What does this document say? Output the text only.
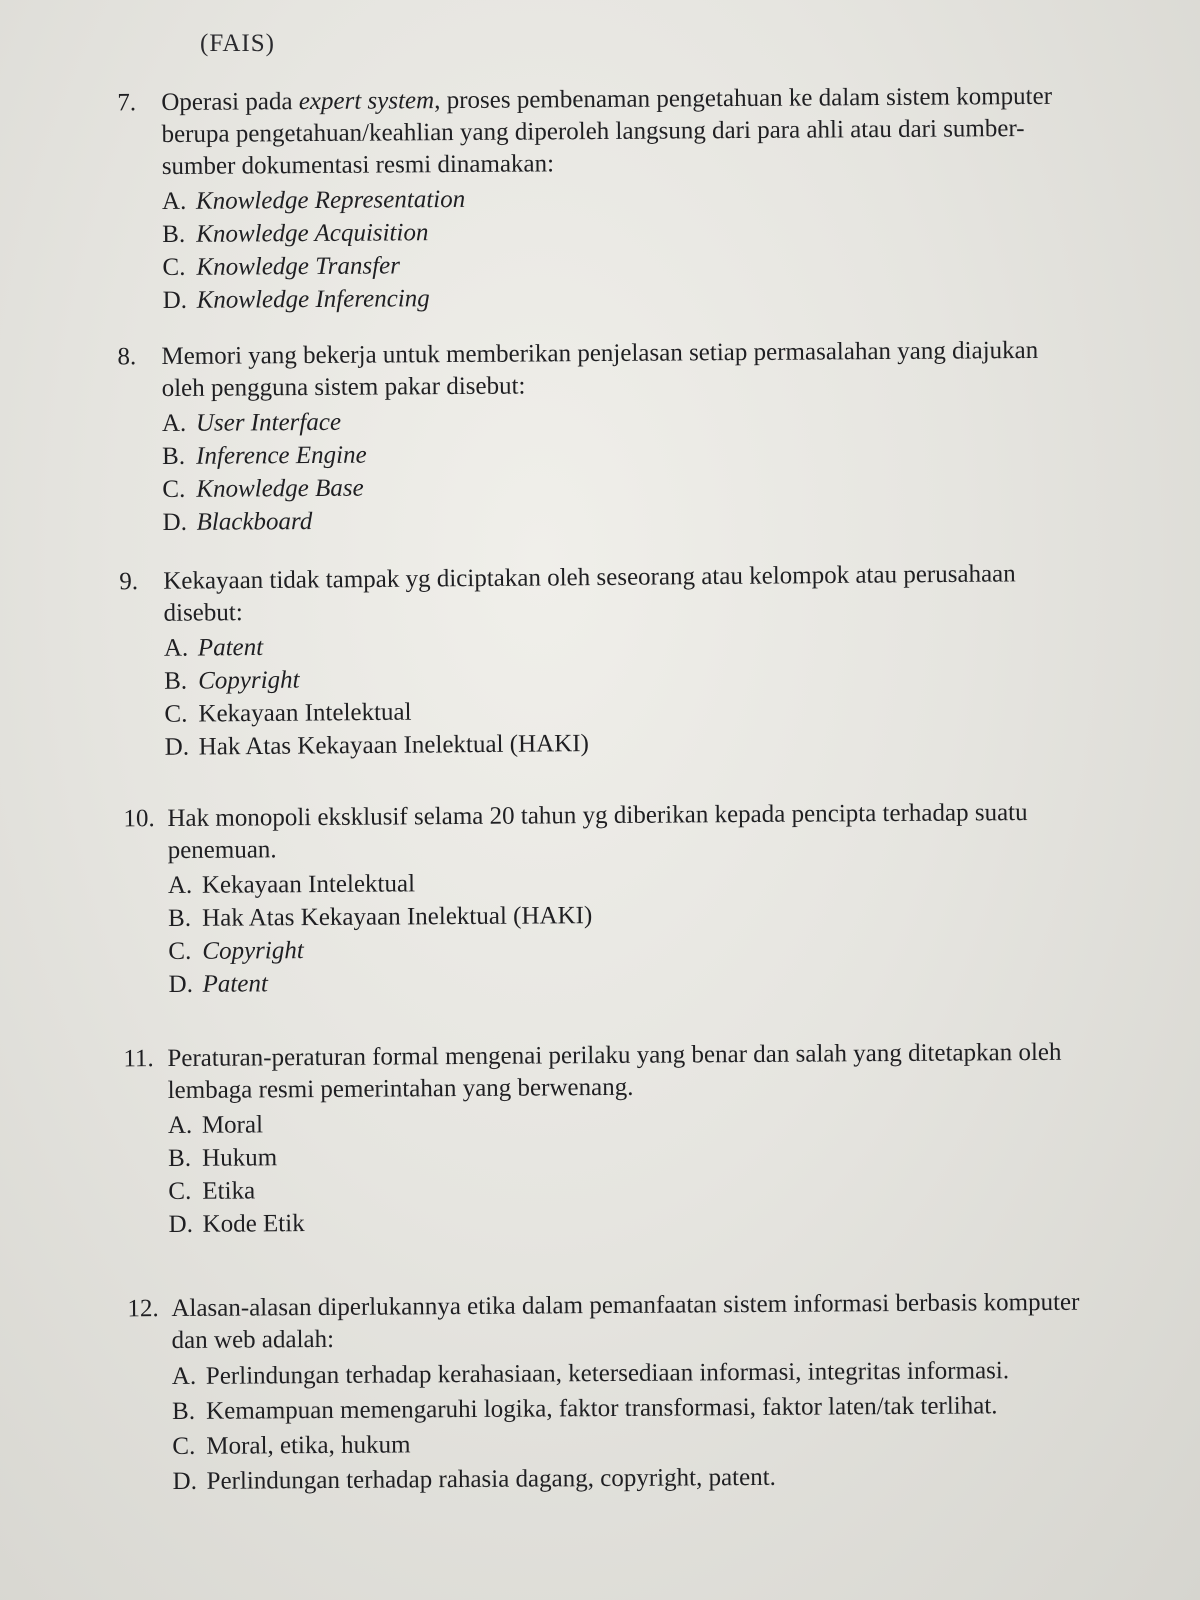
(FAIS)
7. Operasi pada expert system, proses pembenaman pengetahuan ke dalam sistem komputer berupa pengetahuan/keahlian yang diperoleh langsung dari para ahli atau dari sumber-sumber dokumentasi resmi dinamakan:
A. Knowledge Representation
B. Knowledge Acquisition
C. Knowledge Transfer
D. Knowledge Inferencing
8. Memori yang bekerja untuk memberikan penjelasan setiap permasalahan yang diajukan oleh pengguna sistem pakar disebut:
A. User Interface
B. Inference Engine
C. Knowledge Base
D. Blackboard
9. Kekayaan tidak tampak yg diciptakan oleh seseorang atau kelompok atau perusahaan disebut:
A. Patent
B. Copyright
C. Kekayaan Intelektual
D. Hak Atas Kekayaan Inelektual (HAKI)
10. Hak monopoli eksklusif selama 20 tahun yg diberikan kepada pencipta terhadap suatu penemuan.
A. Kekayaan Intelektual
B. Hak Atas Kekayaan Inelektual (HAKI)
C. Copyright
D. Patent
11. Peraturan-peraturan formal mengenai perilaku yang benar dan salah yang ditetapkan oleh lembaga resmi pemerintahan yang berwenang.
A. Moral
B. Hukum
C. Etika
D. Kode Etik
12. Alasan-alasan diperlukannya etika dalam pemanfaatan sistem informasi berbasis komputer dan web adalah:
A. Perlindungan terhadap kerahasiaan, ketersediaan informasi, integritas informasi.
B. Kemampuan memengaruhi logika, faktor transformasi, faktor laten/tak terlihat.
C. Moral, etika, hukum
D. Perlindungan terhadap rahasia dagang, copyright, patent.
